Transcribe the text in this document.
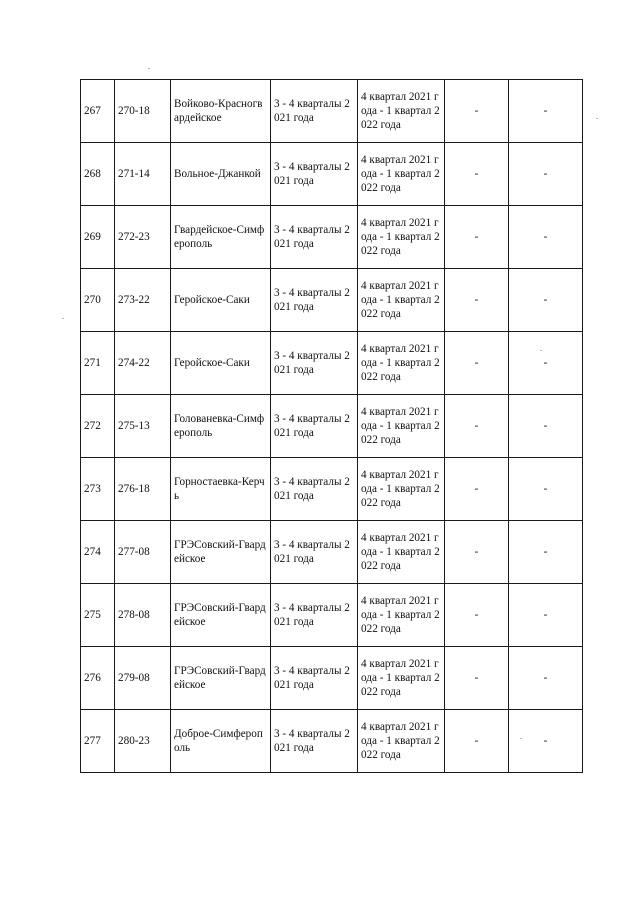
267	270-18	Войково-Красногвардейское	3 - 4 кварталы 2021 года	4 квартал 2021 года - 1 квартал 2022 года	-	-
268	271-14	Вольное-Джанкой	3 - 4 кварталы 2021 года	4 квартал 2021 года - 1 квартал 2022 года	-	-
269	272-23	Гвардейское-Симферополь	3 - 4 кварталы 2021 года	4 квартал 2021 года - 1 квартал 2022 года	-	-
270	273-22	Геройское-Саки	3 - 4 кварталы 2021 года	4 квартал 2021 года - 1 квартал 2022 года	-	-
271	274-22	Геройское-Саки	3 - 4 кварталы 2021 года	4 квартал 2021 года - 1 квартал 2022 года	-	-
272	275-13	Голованевка-Симферополь	3 - 4 кварталы 2021 года	4 квартал 2021 года - 1 квартал 2022 года	-	-
273	276-18	Горностаевка-Керчь	3 - 4 кварталы 2021 года	4 квартал 2021 года - 1 квартал 2022 года	-	-
274	277-08	ГРЭСовский-Гвардейское	3 - 4 кварталы 2021 года	4 квартал 2021 года - 1 квартал 2022 года	-	-
275	278-08	ГРЭСовский-Гвардейское	3 - 4 кварталы 2021 года	4 квартал 2021 года - 1 квартал 2022 года	-	-
276	279-08	ГРЭСовский-Гвардейское	3 - 4 кварталы 2021 года	4 квартал 2021 года - 1 квартал 2022 года	-	-
277	280-23	Доброе-Симферополь	3 - 4 кварталы 2021 года	4 квартал 2021 года - 1 квартал 2022 года	-	-
